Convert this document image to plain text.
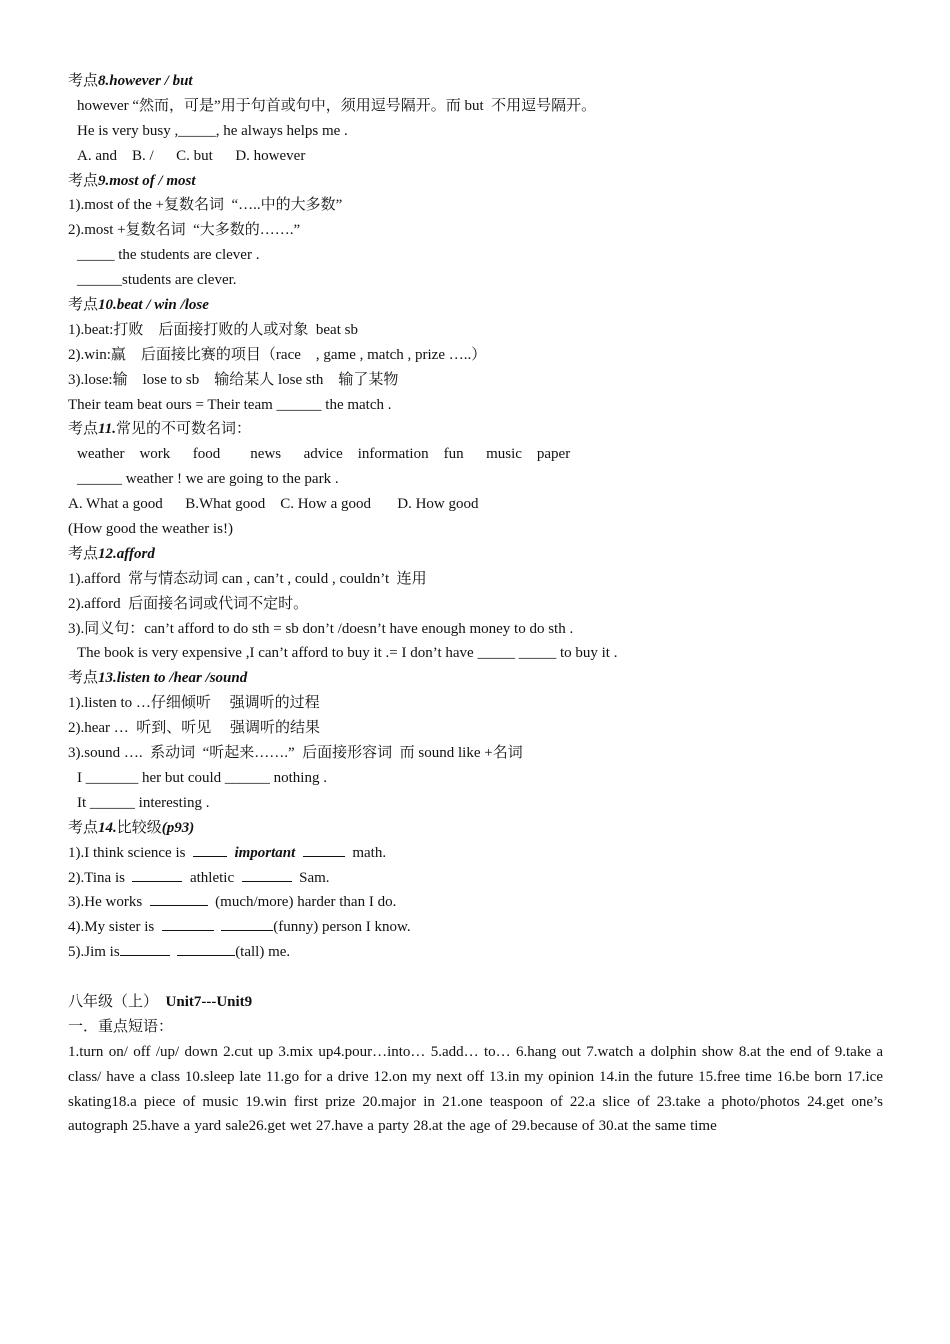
考点8.however / but
however “然而，可是”用于句首或句中，须用逗号隔开。而 but  不用逗号隔开。
He is very busy ,_____, he always helps me .
A. and    B. /      C. but      D. however
考点9.most of / most
1).most of the +复数名词  “…..中的大多数”
2).most +复数名词  “大多数的…….”
_____ the students are clever .
______students are clever.
考点10.beat / win /lose
1).beat:打败    后面接打败的人或对象  beat sb
2).win:赢    后面接比赛的项目（race    , game , match , prize …..）
3).lose:输    lose to sb    输给某人 lose sth    输了某物
Their team beat ours = Their team ______ the match .
考点11.常见的不可数名词：
weather    work      food        news      advice    information    fun      music    paper
______ weather ! we are going to the park .
A. What a good      B.What good    C. How a good       D. How good
(How good the weather is!)
考点12.afford
1).afford  常与情态动词 can , can’t , could , couldn’t  连用
2).afford  后面接名词或代词不定时。
3).同义句：can’t afford to do sth = sb don’t /doesn’t have enough money to do sth .
The book is very expensive ,I can’t afford to buy it .= I don’t have _____ _____ to buy it .
考点13.listen to /hear /sound
1).listen to …仔细倾听     强调听的过程
2).hear …  听到、听见     强调听的结果
3).sound ….  系动词  “听起来…….”  后面接形容词  而 sound like +名词
I _______ her but could ______ nothing .
It ______ interesting .
考点14.比较级(p93)
1).I think science is	important	math.
2).Tina is	athletic	Sam.
3).He works	(much/more) harder than I do.
4).My sister is	(funny) person I know.
5).Jim is	(tall) me.
八年级（上） Unit7---Unit9
一．重点短语：
1.turn on/ off /up/ down 2.cut up 3.mix up4.pour…into… 5.add… to… 6.hang out 7.watch a dolphin show 8.at the end of 9.take a class/ have a class 10.sleep late 11.go for a drive 12.on my next off 13.in my opinion 14.in the future 15.free time 16.be born 17.ice skating18.a piece of music 19.win first prize 20.major in 21.one teaspoon of 22.a slice of 23.take a photo/photos 24.get one’s autograph 25.have a yard sale26.get wet 27.have a party 28.at the age of 29.because of 30.at the same time
